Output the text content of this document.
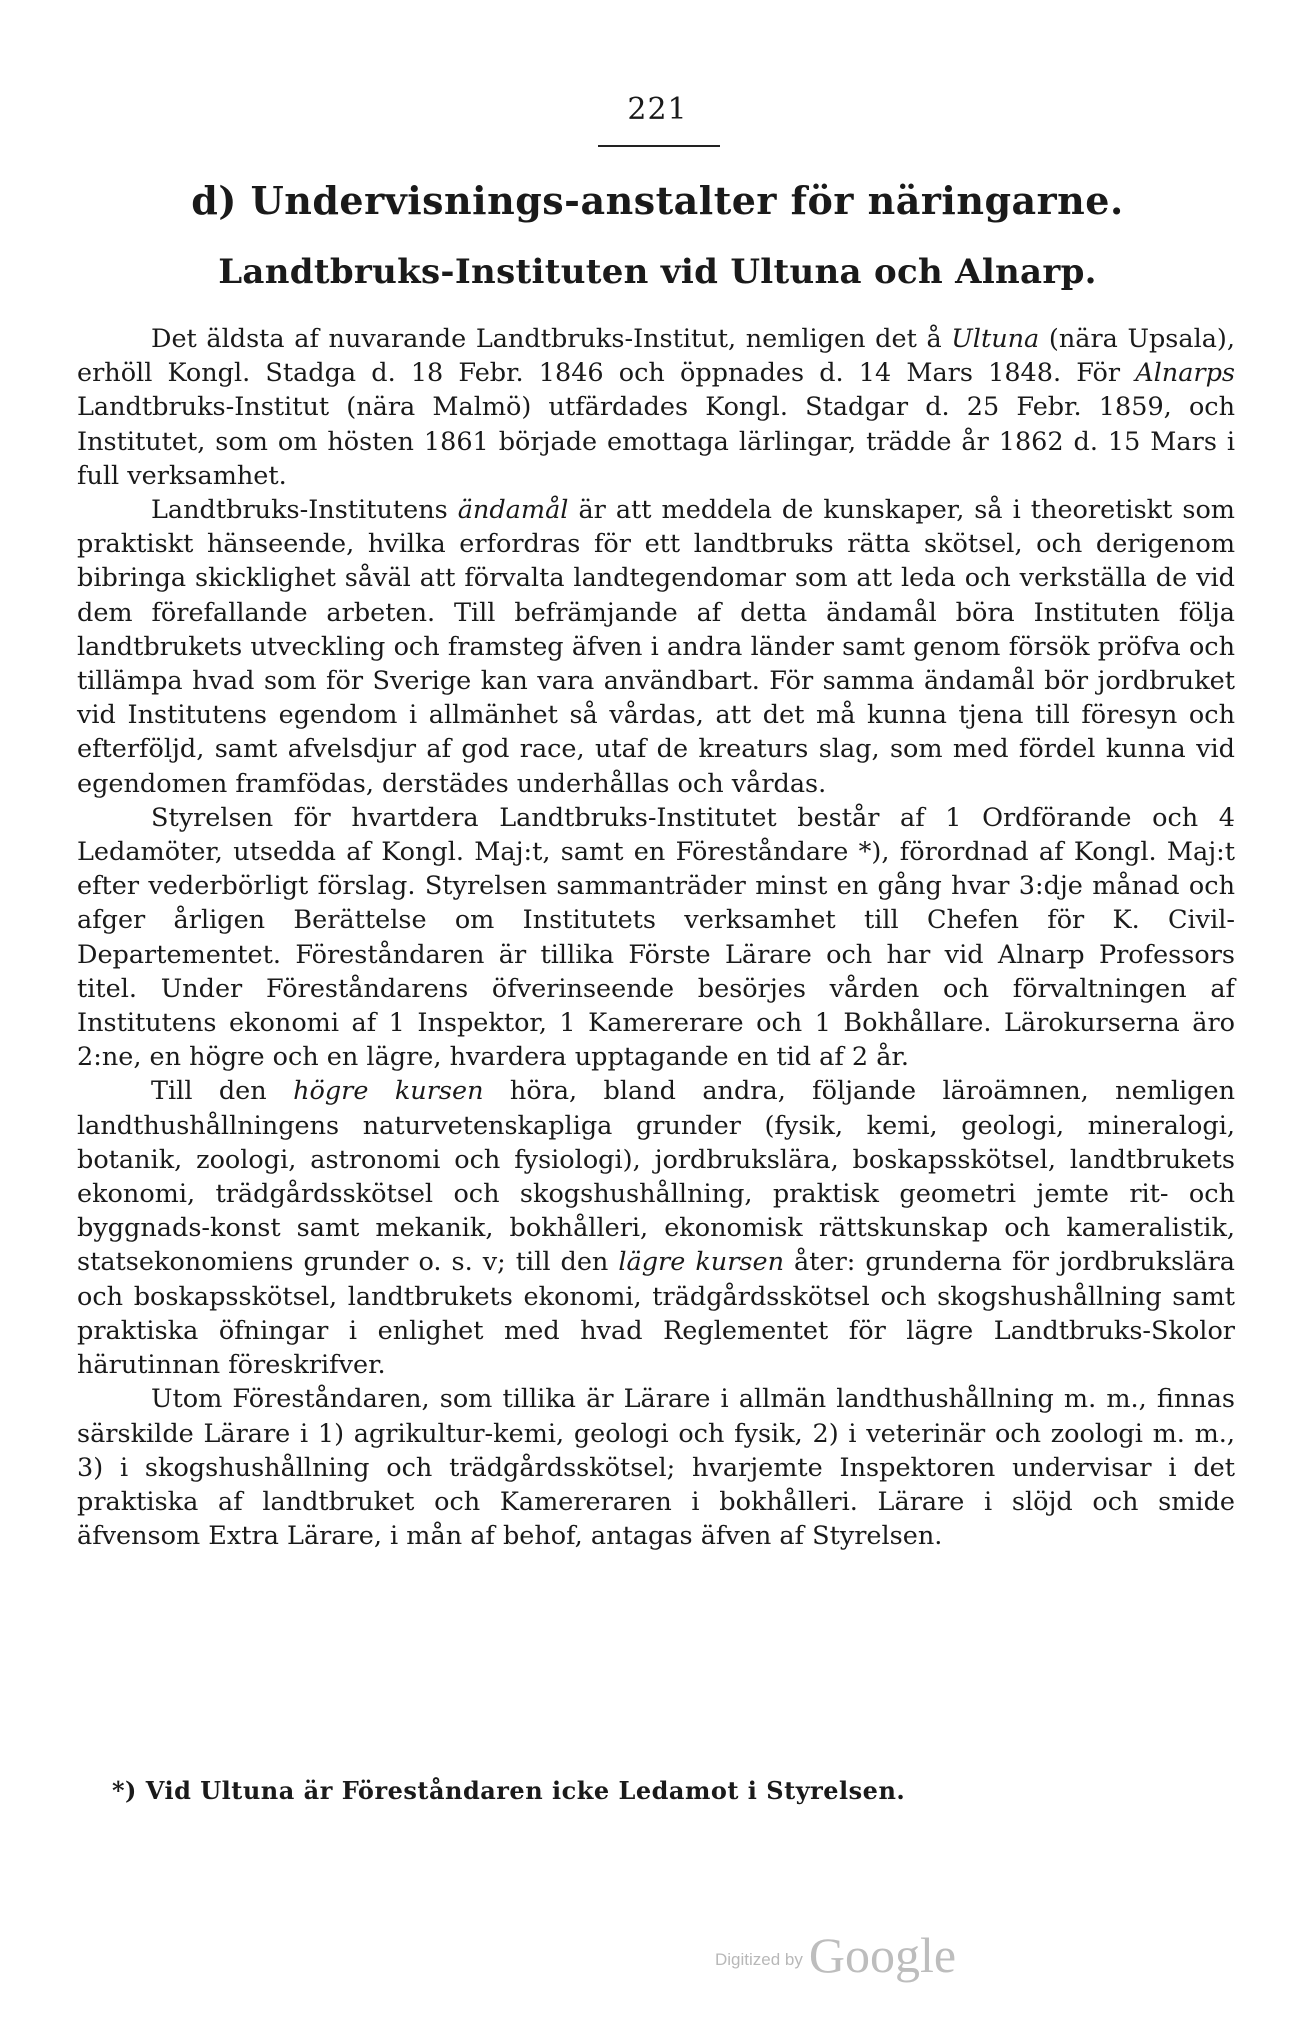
221
d) Undervisnings-anstalter för näringarne.
Landtbruks-Instituten vid Ultuna och Alnarp.

Det äldsta af nuvarande Landtbruks-Institut, nemligen det å Ultuna (nära Upsala), erhöll Kongl. Stadga d. 18 Febr. 1846 och öppnades d. 14 Mars 1848. För Alnarps Landtbruks-Institut (nära Malmö) utfärdades Kongl. Stadgar d. 25 Febr. 1859, och Institutet, som om hösten 1861 började emottaga lärlingar, trädde år 1862 d. 15 Mars i full verksamhet.

Landtbruks-Institutens ändamål är att meddela de kunskaper, så i theoretiskt som praktiskt hänseende, hvilka erfordras för ett landtbruks rätta skötsel, och derigenom bibringa skicklighet såväl att förvalta landtegendomar som att leda och verkställa de vid dem förefallande arbeten. Till befrämjande af detta ändamål böra Instituten följa landtbrukets utveckling och framsteg äfven i andra länder samt genom försök pröfva och tillämpa hvad som för Sverige kan vara användbart. För samma ändamål bör jordbruket vid Institutens egendom i allmänhet så vårdas, att det må kunna tjena till föresyn och efterföljd, samt afvelsdjur af god race, utaf de kreaturs slag, som med fördel kunna vid egendomen framfödas, derstädes underhållas och vårdas.

Styrelsen för hvartdera Landtbruks-Institutet består af 1 Ordförande och 4 Ledamöter, utsedda af Kongl. Maj:t, samt en Föreståndare *), förordnad af Kongl. Maj:t efter vederbörligt förslag. Styrelsen sammanträder minst en gång hvar 3:dje månad och afger årligen Berättelse om Institutets verksamhet till Chefen för K. Civil-Departementet. Föreståndaren är tillika Förste Lärare och har vid Alnarp Professors titel. Under Föreståndarens öfverinseende besörjes vården och förvaltningen af Institutens ekonomi af 1 Inspektor, 1 Kamererare och 1 Bokhållare. Lärokurserna äro 2:ne, en högre och en lägre, hvardera upptagande en tid af 2 år.

Till den högre kursen höra, bland andra, följande läroämnen, nemligen landthushållningens naturvetenskapliga grunder (fysik, kemi, geologi, mineralogi, botanik, zoologi, astronomi och fysiologi), jordbrukslära, boskapsskötsel, landtbrukets ekonomi, trädgårdsskötsel och skogshushållning, praktisk geometri jemte rit- och byggnads-konst samt mekanik, bokhålleri, ekonomisk rättskunskap och kameralistik, statsekonomiens grunder o. s. v; till den lägre kursen åter: grunderna för jordbrukslära och boskapsskötsel, landtbrukets ekonomi, trädgårdsskötsel och skogshushållning samt praktiska öfningar i enlighet med hvad Reglementet för lägre Landtbruks-Skolor härutinnan föreskrifver.

Utom Föreståndaren, som tillika är Lärare i allmän landthushållning m. m., finnas särskilde Lärare i 1) agrikultur-kemi, geologi och fysik, 2) i veterinär och zoologi m. m., 3) i skogshushållning och trädgårdsskötsel; hvarjemte Inspektoren undervisar i det praktiska af landtbruket och Kamereraren i bokhålleri. Lärare i slöjd och smide äfvensom Extra Lärare, i mån af behof, antagas äfven af Styrelsen.

*) Vid Ultuna är Föreståndaren icke Ledamot i Styrelsen.
Digitized by Google
